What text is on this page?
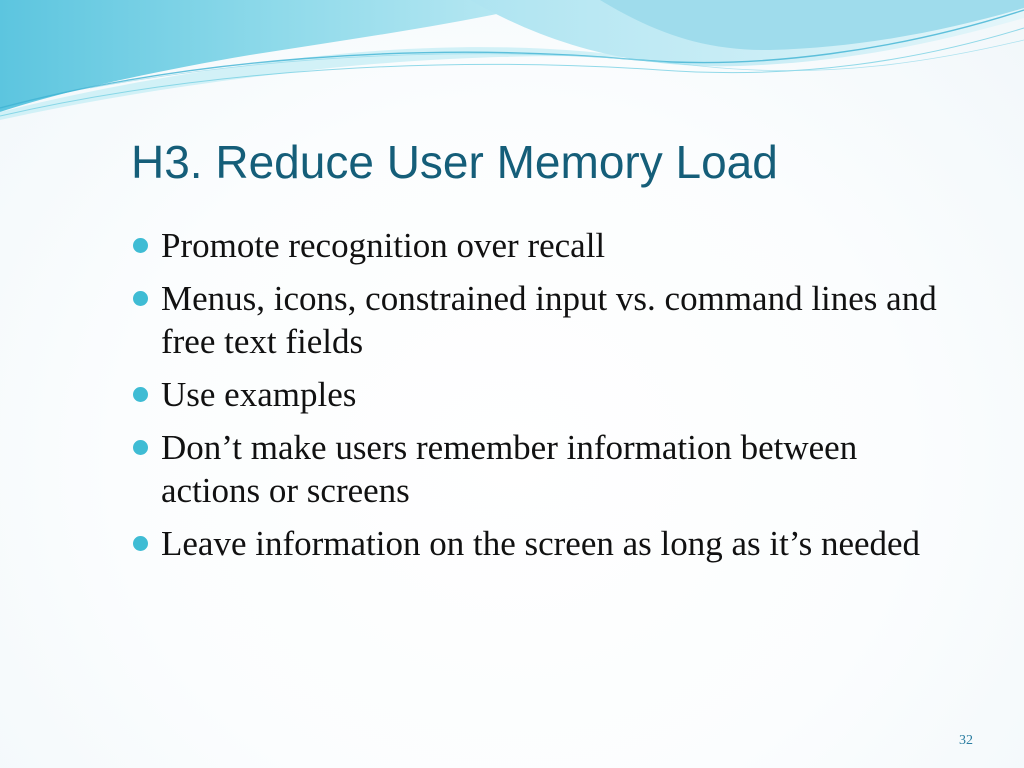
H3. Reduce User Memory Load
Promote recognition over recall
Menus, icons, constrained input vs. command lines and free text fields
Use examples
Don’t make users remember information between actions or screens
Leave information on the screen as long as it’s needed
32
